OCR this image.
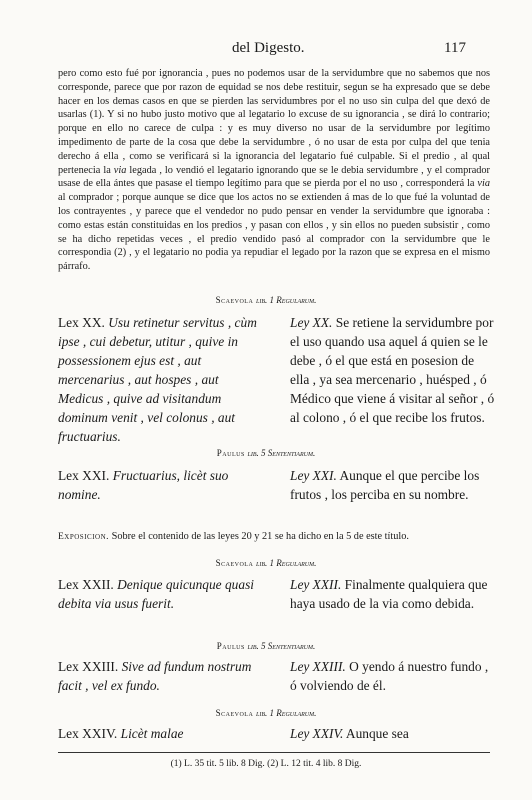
del Digesto.	117

pero como esto fué por ignorancia , pues no podemos usar de la servidumbre que no sabemos que nos corresponde, parece que por razon de equidad se nos debe restituir, segun se ha expresado que se debe hacer en los demas casos en que se pierden las servidumbres por el no uso sin culpa del que dexó de usarlas (1). Y si no hubo justo motivo que al legatario lo excuse de su ignorancia , se dirá lo contrario; porque en ello no carece de culpa : y es muy diverso no usar de la servidumbre por legítimo impedimento de parte de la cosa que debe la servidumbre , ó no usar de esta por culpa del que tenia derecho á ella , como se verificará si la ignorancia del legatario fué culpable. Si el predio , al qual pertenecia la via legada , lo vendió el legatario ignorando que se le debia servidumbre , y el comprador usase de ella ántes que pasase el tiempo legítimo para que se pierda por el no uso , corresponderá la via al comprador ; porque aunque se dice que los actos no se extienden á mas de lo que fué la voluntad de los contrayentes , y parece que el vendedor no pudo pensar en vender la servidumbre que ignoraba : como estas están constituidas en los predios , y pasan con ellos , y sin ellos no pueden subsistir , como se ha dicho repetidas veces , el predio vendido pasó al comprador con la servidumbre que le correspondia (2) , y el legatario no podia ya repudiar el legado por la razon que se expresa en el mismo párrafo.

Scaevola lib. 1 Regularum.
Lex XX. Usu retinetur servitus , cùm ipse , cui debetur, utitur , quive in possessionem ejus est , aut mercenarius , aut hospes , aut Medicus , quive ad visitandum dominum venit , vel colonus , aut fructuarius.
Ley XX. Se retiene la servidumbre por el uso quando usa aquel á quien se le debe , ó el que está en posesion de ella , ya sea mercenario , huésped , ó Médico que viene á visitar al señor , ó al colono , ó el que recibe los frutos.
Paulus lib. 5 Sententiarum.
Lex XXI. Fructuarius, licèt suo nomine.
Ley XXI. Aunque el que percibe los frutos , los perciba en su nombre.
Exposicion. Sobre el contenido de las leyes 20 y 21 se ha dicho en la 5 de este título.
Scaevola lib. 1 Regularum.
Lex XXII. Denique quicunque quasi debita via usus fuerit.
Ley XXII. Finalmente qualquiera que haya usado de la via como debida.
Paulus lib. 5 Sententiarum.
Lex XXIII. Sive ad fundum nostrum facit , vel ex fundo.
Ley XXIII. O yendo á nuestro fundo , ó volviendo de él.
Scaevola lib. 1 Regularum.
Lex XXIV. Licèt malae	Ley XXIV. Aunque sea
(1) L. 35 tit. 5 lib. 8 Dig. (2) L. 12 tit. 4 lib. 8 Dig.
